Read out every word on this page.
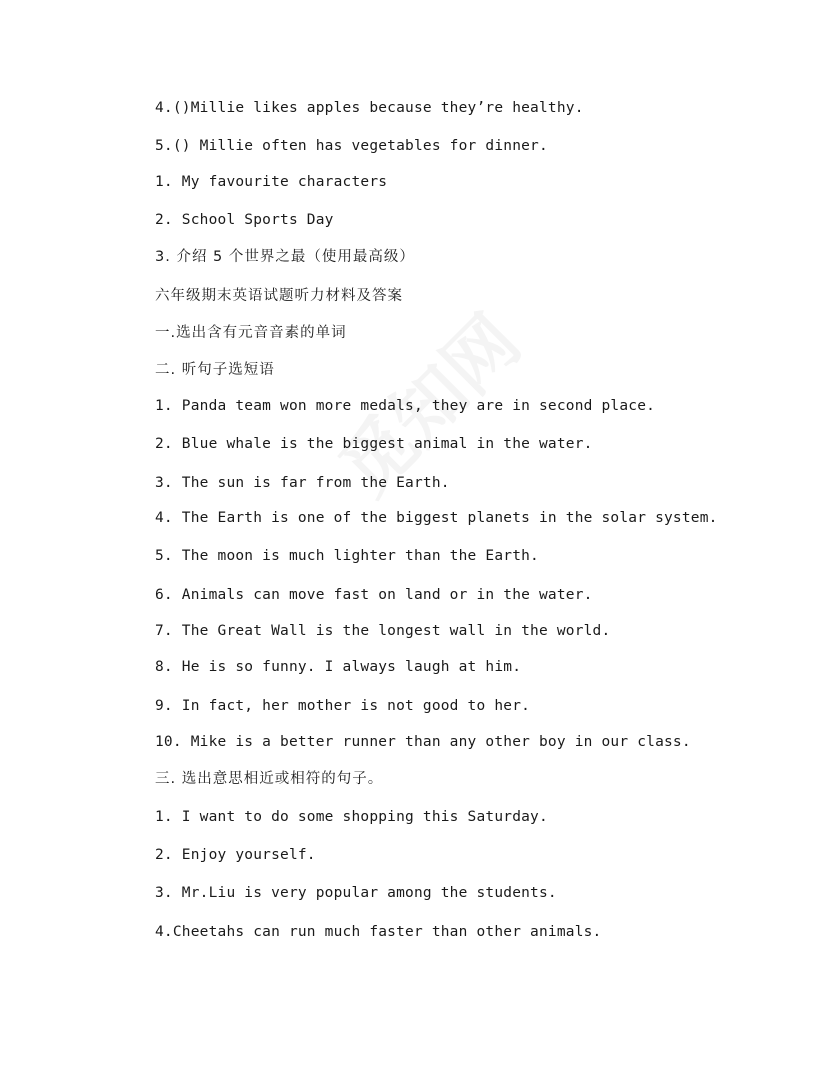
4.()Millie likes apples because they’re healthy.
5.() Millie often has vegetables for dinner.
1. My favourite characters
2. School Sports Day
3. 介绍 5 个世界之最（使用最高级）
六年级期末英语试题听力材料及答案
一.选出含有元音音素的单词
二. 听句子选短语
1. Panda team won more medals, they are in second place.
2. Blue whale is the biggest animal in the water.
3. The sun is far from the Earth.
4. The Earth is one of the biggest planets in the solar system.
5. The moon is much lighter than the Earth.
6. Animals can move fast on land or in the water.
7. The Great Wall is the longest wall in the world.
8. He is so funny. I always laugh at him.
9. In fact, her mother is not good to her.
10. Mike is a better runner than any other boy in our class.
三. 选出意思相近或相符的句子。
1. I want to do some shopping this Saturday.
2. Enjoy yourself.
3. Mr.Liu is very popular among the students.
4.Cheetahs can run much faster than other animals.
